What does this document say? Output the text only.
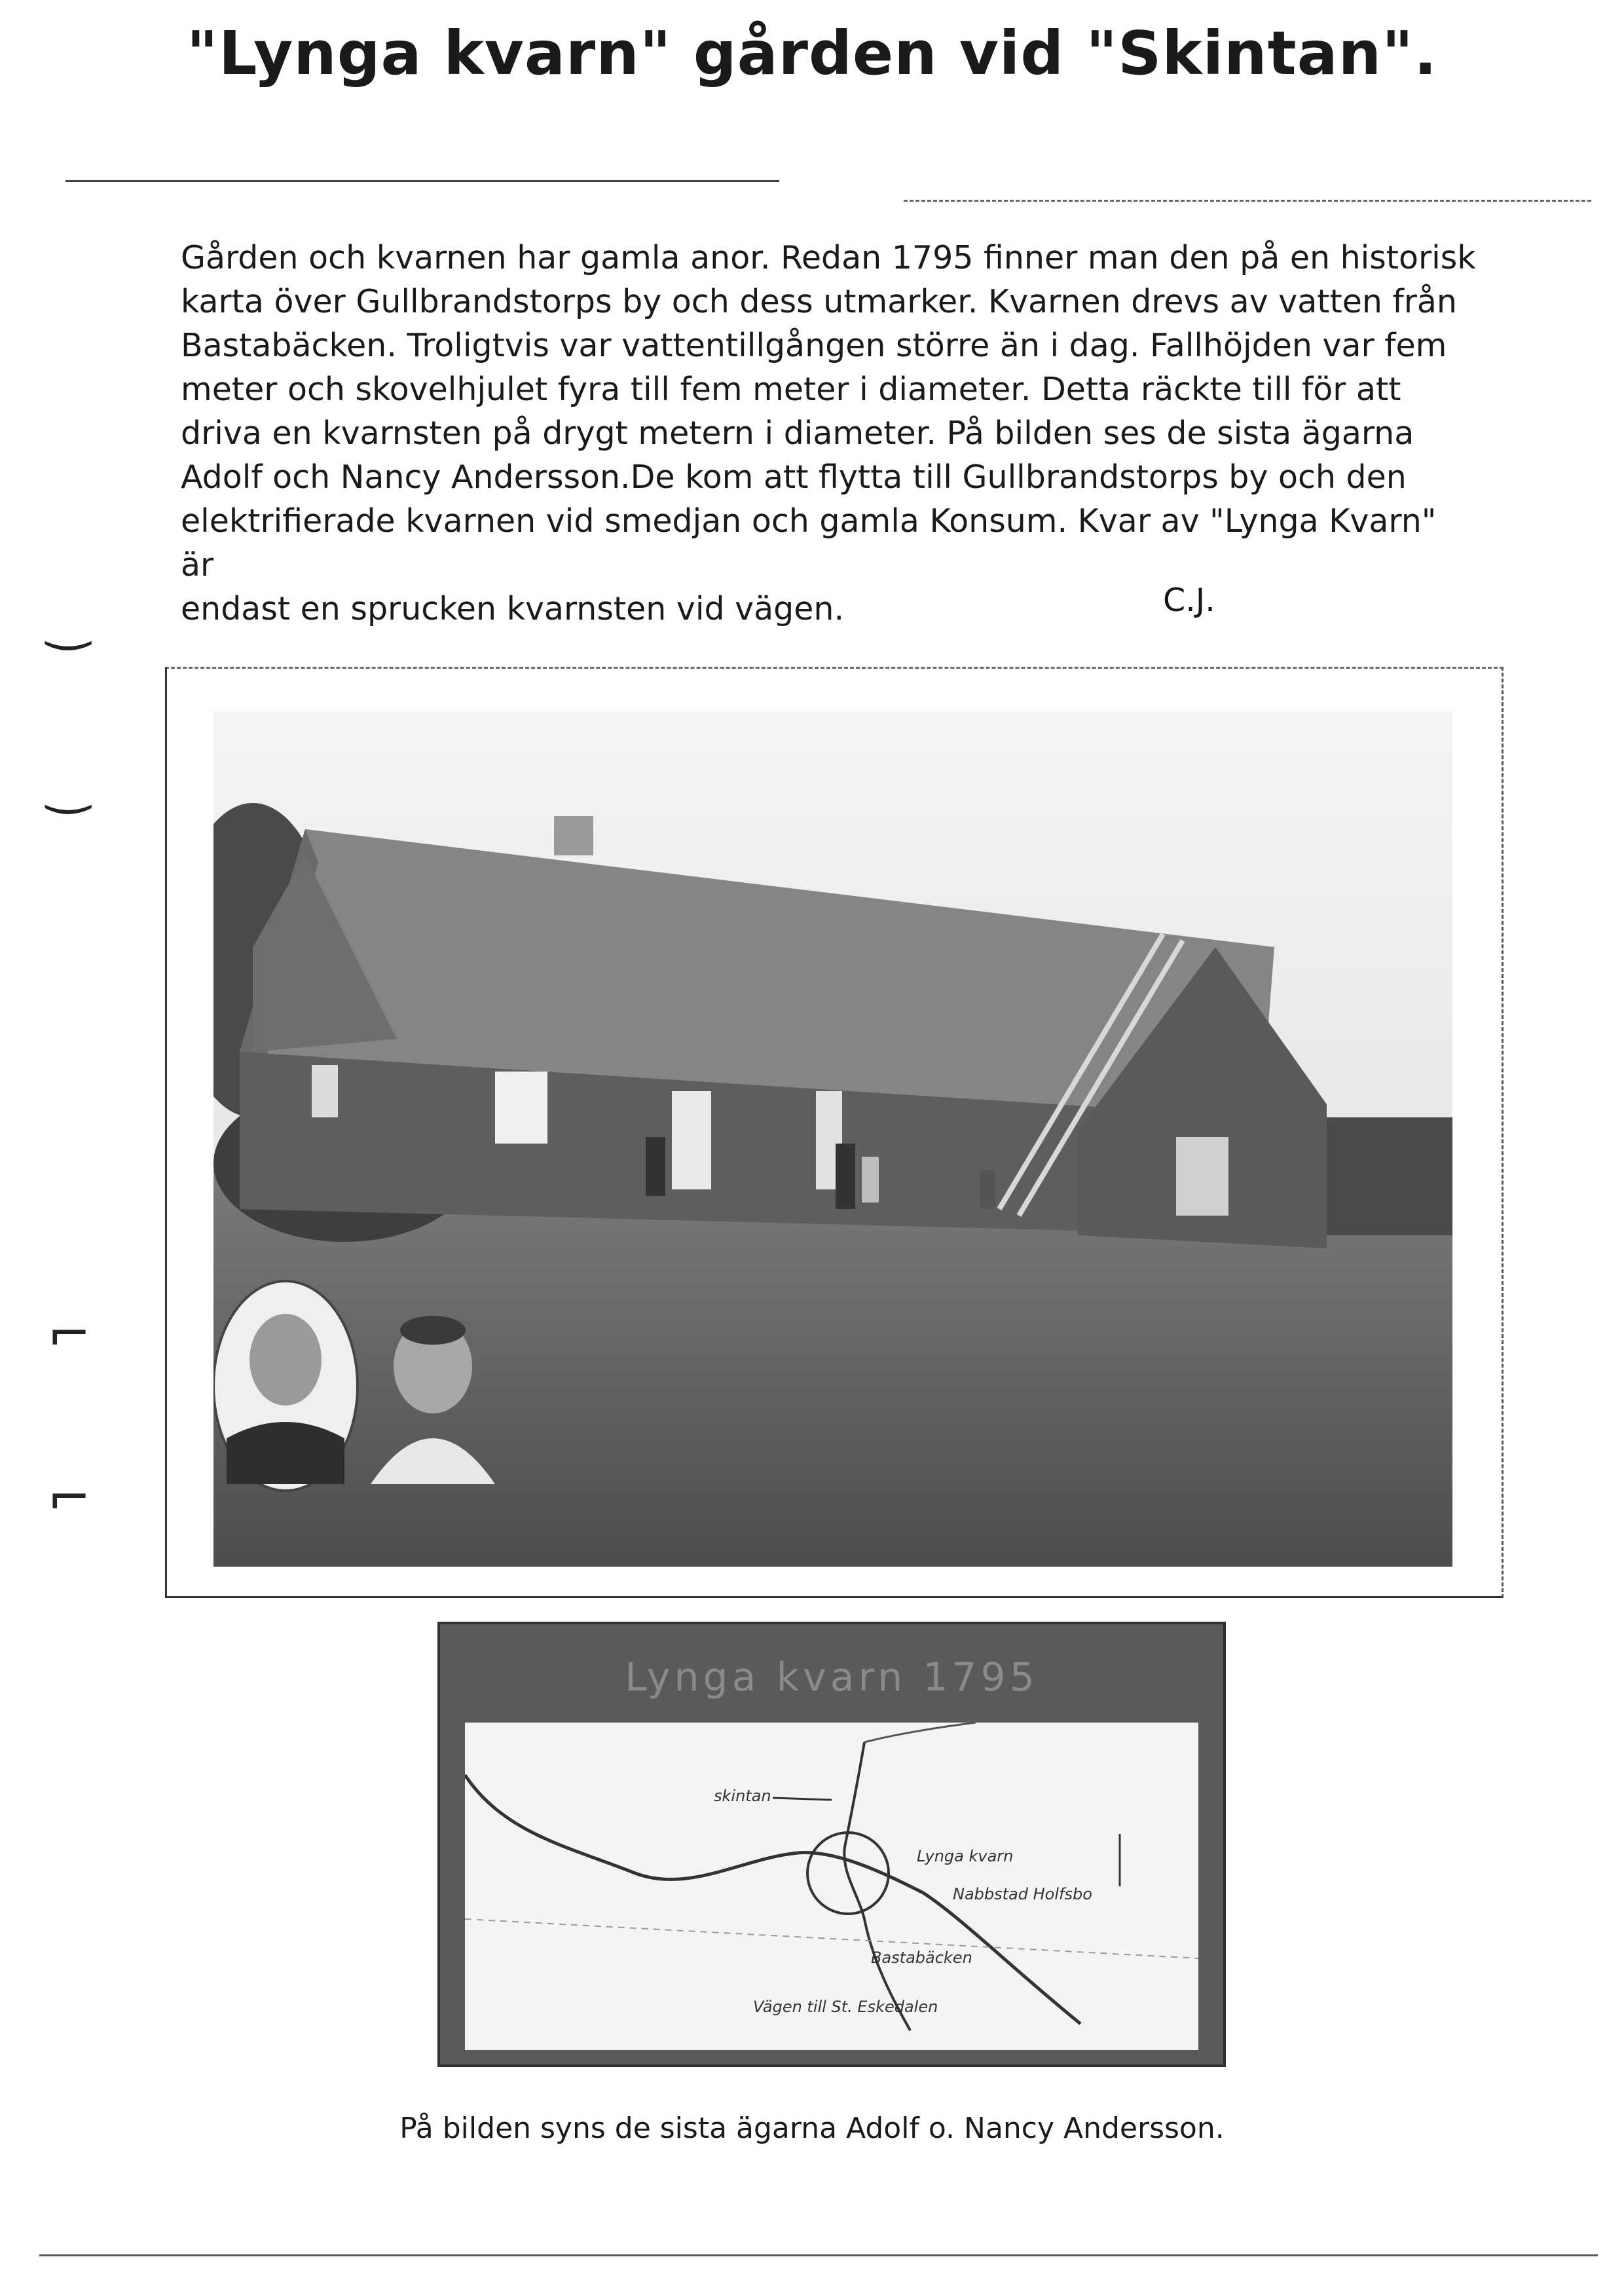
‿
‿
⌐
⌐
"Lynga kvarn" gården vid "Skintan".

Gården och kvarnen har gamla anor. Redan 1795 finner man den på en historisk

karta över Gullbrandstorps by och dess utmarker. Kvarnen drevs av vatten från

Bastabäcken. Troligtvis var vattentillgången större än i dag. Fallhöjden var fem

meter och skovelhjulet fyra till fem meter i diameter. Detta räckte till för att

driva en kvarnsten på drygt metern i diameter. På bilden ses de sista ägarna

Adolf och Nancy Andersson.De kom att flytta till Gullbrandstorps by och den

elektrifierade kvarnen vid smedjan och gamla Konsum. Kvar av "Lynga Kvarn" är

endast en sprucken kvarnsten vid vägen.	C.J.
Lynga kvarn 1795
skintan
Lynga kvarn
Nabbstad Holfsbo
Bastabäcken
Vägen till St. Eskedalen
På bilden syns de sista ägarna Adolf o. Nancy Andersson.
